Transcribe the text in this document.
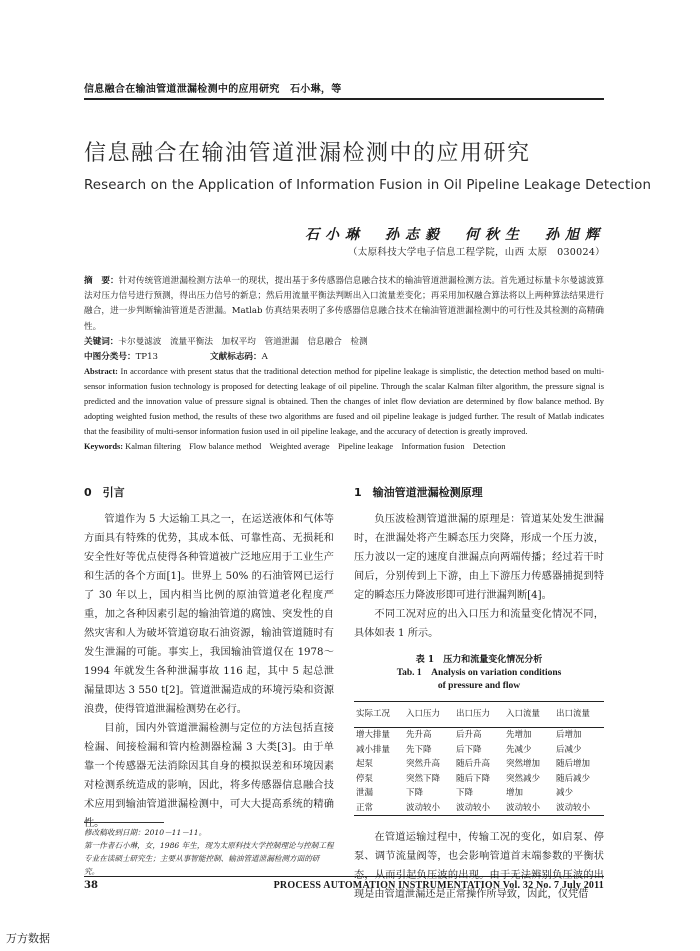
信息融合在输油管道泄漏检测中的应用研究　石小琳，等
信息融合在输油管道泄漏检测中的应用研究
Research on the Application of Information Fusion in Oil Pipeline Leakage Detection
石小琳　孙志毅　何秋生　孙旭辉
（太原科技大学电子信息工程学院，山西 太原　030024）

摘　要：针对传统管道泄漏检测方法单一的现状，提出基于多传感器信息融合技术的输油管道泄漏检测方法。首先通过标量卡尔曼滤波算法对压力信号进行预测，得出压力信号的新息；然后用流量平衡法判断出入口流量差变化；再采用加权融合算法将以上两种算法结果进行融合，进一步判断输油管道是否泄漏。Matlab 仿真结果表明了多传感器信息融合技术在输油管道泄漏检测中的可行性及其检测的高精确性。

关键词：卡尔曼滤波　流量平衡法　加权平均　管道泄漏　信息融合　检测

中图分类号：TP13	文献标志码：A

Abstract: In accordance with present status that the traditional detection method for pipeline leakage is simplistic, the detection method based on multi-sensor information fusion technology is proposed for detecting leakage of oil pipeline. Through the scalar Kalman filter algorithm, the pressure signal is predicted and the innovation value of pressure signal is obtained. Then the changes of inlet flow deviation are determined by flow balance method. By adopting weighted fusion method, the results of these two algorithms are fused and oil pipeline leakage is judged further. The result of Matlab indicates that the feasibility of multi-sensor information fusion used in oil pipeline leakage, and the accuracy of detection is greatly improved.

Keywords: Kalman filtering　Flow balance method　Weighted average　Pipeline leakage　Information fusion　Detection

0　引言

管道作为 5 大运输工具之一，在运送液体和气体等方面具有特殊的优势，其成本低、可靠性高、无损耗和安全性好等优点使得各种管道被广泛地应用于工业生产和生活的各个方面[1]。世界上 50% 的石油管网已运行了 30 年以上，国内相当比例的原油管道老化程度严重，加之各种因素引起的输油管道的腐蚀、突发性的自然灾害和人为破坏管道窃取石油资源，输油管道随时有发生泄漏的可能。事实上，我国输油管道仅在 1978～1994 年就发生各种泄漏事故 116 起，其中 5 起总泄漏量即达 3 550 t[2]。管道泄漏造成的环境污染和资源浪费，使得管道泄漏检测势在必行。

目前，国内外管道泄漏检测与定位的方法包括直接检漏、间接检漏和管内检测器检漏 3 大类[3]。由于单靠一个传感器无法消除因其自身的模拟误差和环境因素对检测系统造成的影响，因此，将多传感器信息融合技术应用到输油管道泄漏检测中，可大大提高系统的精确性。

1　输油管道泄漏检测原理

负压波检测管道泄漏的原理是：管道某处发生泄漏时，在泄漏处将产生瞬态压力突降，形成一个压力波，压力波以一定的速度自泄漏点向两端传播；经过若干时间后，分别传到上下游，由上下游压力传感器捕捉到特定的瞬态压力降波形即可进行泄漏判断[4]。

不同工况对应的出入口压力和流量变化情况不同，具体如表 1 所示。

表 1　压力和流量变化情况分析
Tab. 1　Analysis on variation conditions
of pressure and flow
实际工况	入口压力	出口压力	入口流量	出口流量
增大排量	先升高	后升高	先增加	后增加
减小排量	先下降	后下降	先减少	后减少
起泵	突然升高	随后升高	突然增加	随后增加
停泵	突然下降	随后下降	突然减少	随后减少
泄漏	下降	下降	增加	减少
正常	波动较小	波动较小	波动较小	波动较小

在管道运输过程中，传输工况的变化，如启泵、停泵、调节流量阀等，也会影响管道首末端参数的平衡状态，从而引起负压波的出现。由于无法辨别负压波的出现是由管道泄漏还是正常操作所导致，因此，仅凭借

修改稿收到日期：2010－11－11。
第一作者石小琳，女，1986 年生，现为太原科技大学控制理论与控制工程专业在读硕士研究生；主要从事智能控制、输油管道泄漏检测方面的研究。
38	PROCESS AUTOMATION INSTRUMENTATION Vol. 32 No. 7 July 2011
万方数据
